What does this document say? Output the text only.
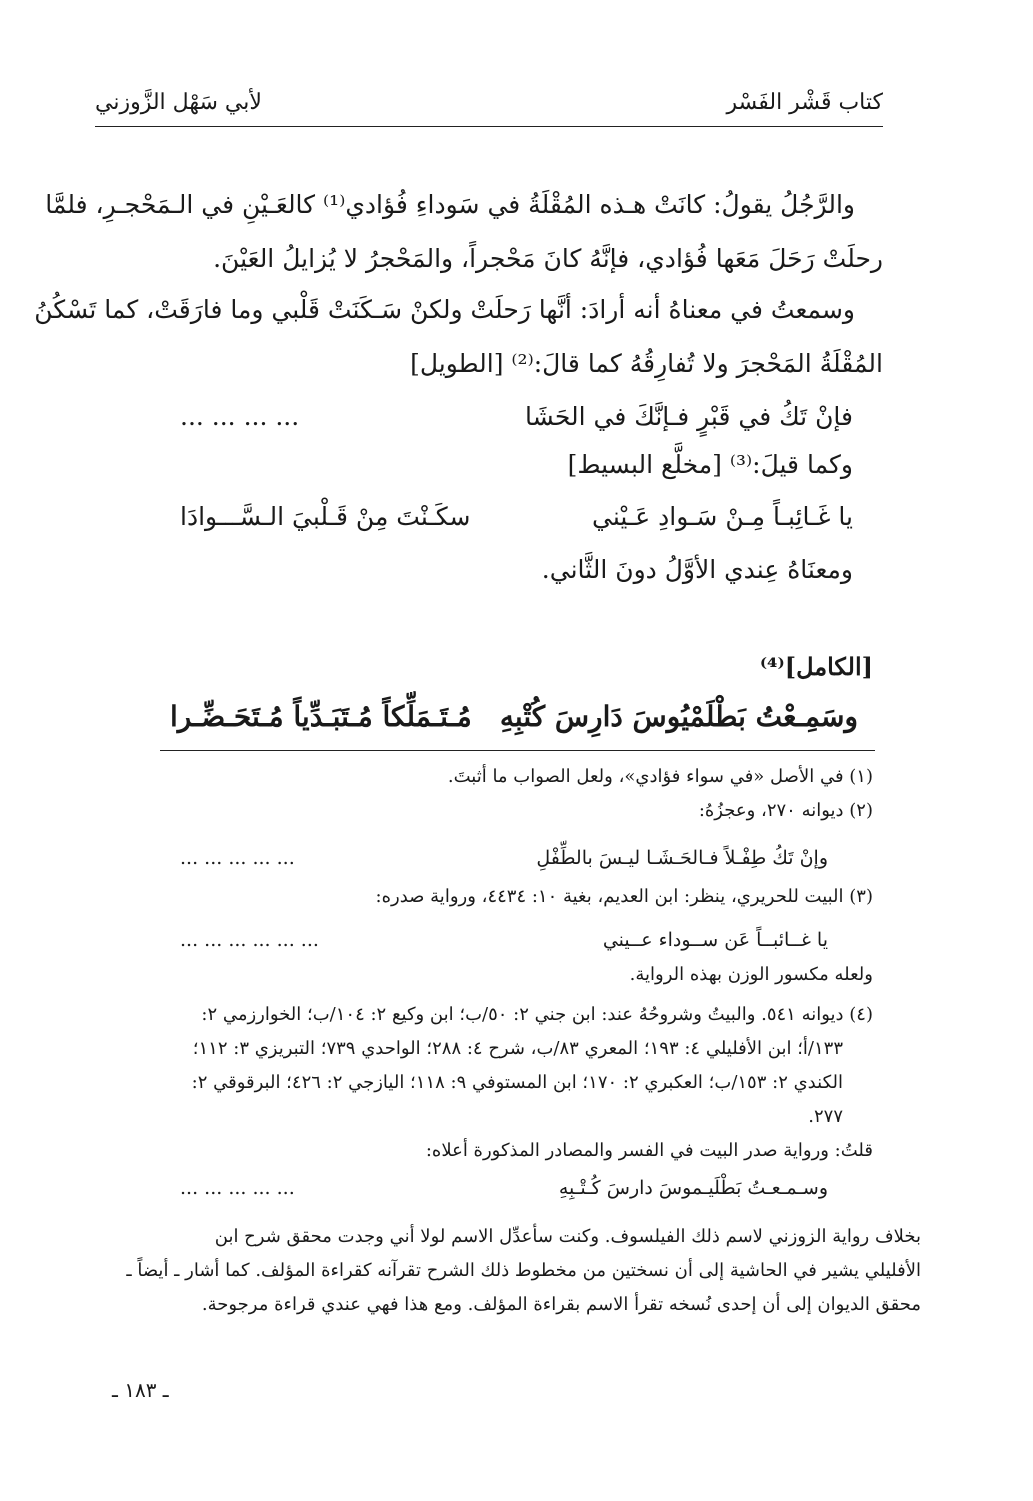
كتاب قَشْر الفَسْر
لأبي سَهْل الزَّوزني
والرَّجُلُ يقولُ: كانَتْ هـذه المُقْلَةُ في سَوداءِ فُؤادي⁽¹⁾ كالعَـيْنِ في الـمَحْجـرِ، فلمَّا
رحلَتْ رَحَلَ مَعَها فُؤادي، فإنَّهُ كانَ مَحْجراً، والمَحْجرُ لا يُزايلُ العَيْنَ.
وسمعتُ في معناهُ أنه أرادَ: أنَّها رَحلَتْ ولكنْ سَـكَنَتْ قَلْبي وما فارَقَتْ، كما تَسْكُنُ
المُقْلَةُ المَحْجرَ ولا تُفارِقُهُ كما قالَ:⁽²⁾ [الطويل]
فإنْ تَكُ في قَبْرٍ فـإنَّكَ في الحَشَا
... ... ... ...
وكما قيلَ:⁽³⁾ [مخلَّع البسيط]
يا غَـائِبـاً مِـنْ سَـوادِ عَـيْني
سكَـنْتَ مِنْ قَـلْبيَ الـسَّـــوادَا
ومعنَاهُ عِندي الأوَّلُ دونَ الثَّاني.
[الكامل]⁽⁴⁾
وسَمِـعْتُ بَطْلَمْيُوسَ دَارِسَ كُتْبِهِ
مُـتَـمَلِّكاً مُـتَبَـدِّياً مُـتَحَـضِّـرا
(١) في الأصل «في سواء فؤادي»، ولعل الصواب ما أثبتَ.
(٢) ديوانه ٢٧٠، وعجزُهُ:
وإنْ تَكُ طِفْـلاً فـالحَـشَـا ليـسَ بالطِّفْلِ
... ... ... ... ...
(٣) البيت للحريري، ينظر: ابن العديم، بغية ١٠: ٤٤٣٤، ورواية صدره:
يا غــائبــاً عَن ســوداء عــيني
... ... ... ... ... ...
ولعله مكسور الوزن بهذه الرواية.
(٤) ديوانه ٥٤١. والبيتُ وشروحُهُ عند: ابن جني ٢: ٥٠/ب؛ ابن وكيع ٢: ١٠٤/ب؛ الخوارزمي ٢:
١٣٣/أ؛ ابن الأفليلي ٤: ١٩٣؛ المعري ٨٣/ب، شرح ٤: ٢٨٨؛ الواحدي ٧٣٩؛ التبريزي ٣: ١١٢؛
الكندي ٢: ١٥٣/ب؛ العكبري ٢: ١٧٠؛ ابن المستوفي ٩: ١١٨؛ اليازجي ٢: ٤٢٦؛ البرقوقي ٢:
٢٧٧.
قلتُ: ورواية صدر البيت في الفسر والمصادر المذكورة أعلاه:
وسـمـعـتُ بَطْلَيـموسَ دارسَ كُـتْـبِهِ
... ... ... ... ...
بخلاف رواية الزوزني لاسم ذلك الفيلسوف. وكنت سأعدِّل الاسم لولا أني وجدت محقق شرح ابن
الأفليلي يشير في الحاشية إلى أن نسختين من مخطوط ذلك الشرح تقرآنه كقراءة المؤلف. كما أشار ـ أيضاً ـ
محقق الديوان إلى أن إحدى نُسخه تقرأ الاسم بقراءة المؤلف. ومع هذا فهي عندي قراءة مرجوحة.
ـ ١٨٣ ـ
